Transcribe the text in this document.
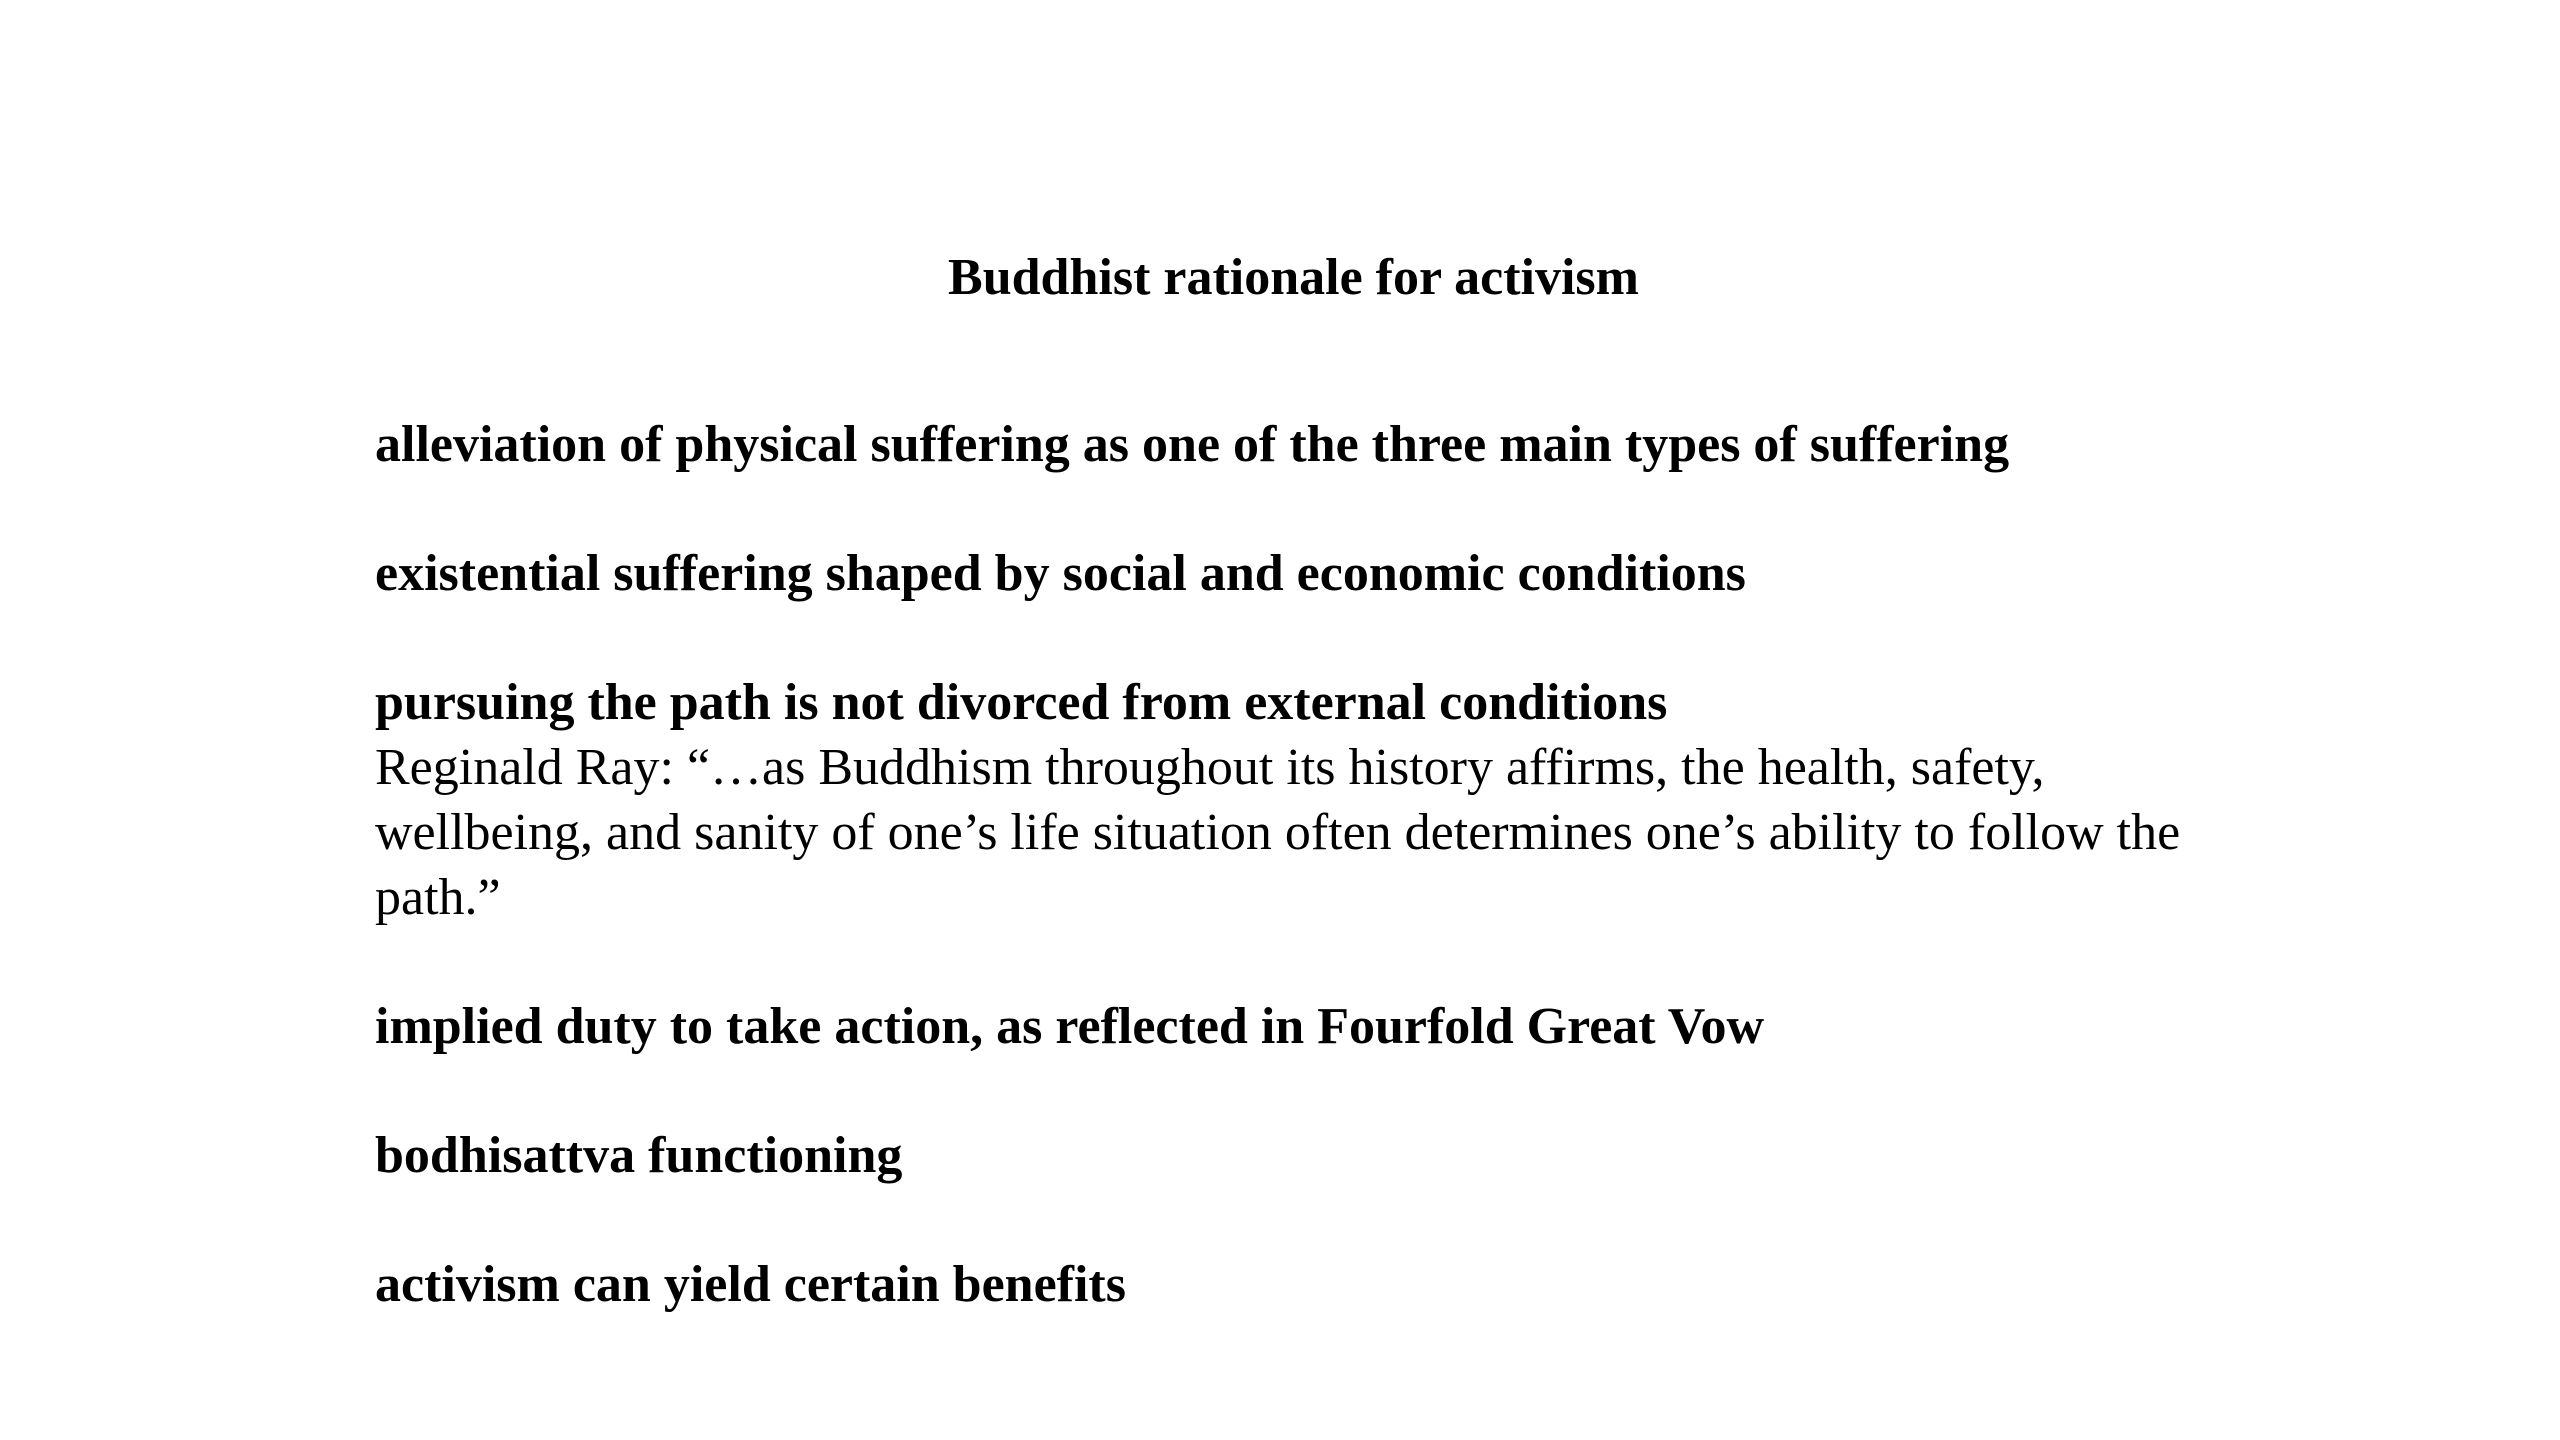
Buddhist rationale for activism

alleviation of physical suffering as one of the three main types of suffering

existential suffering shaped by social and economic conditions

pursuing the path is not divorced from external conditions

Reginald Ray: “…as Buddhism throughout its history affirms, the health, safety, wellbeing, and sanity of one’s life situation often determines one’s ability to follow the path.”

implied duty to take action, as reflected in Fourfold Great Vow

bodhisattva functioning

activism can yield certain benefits
